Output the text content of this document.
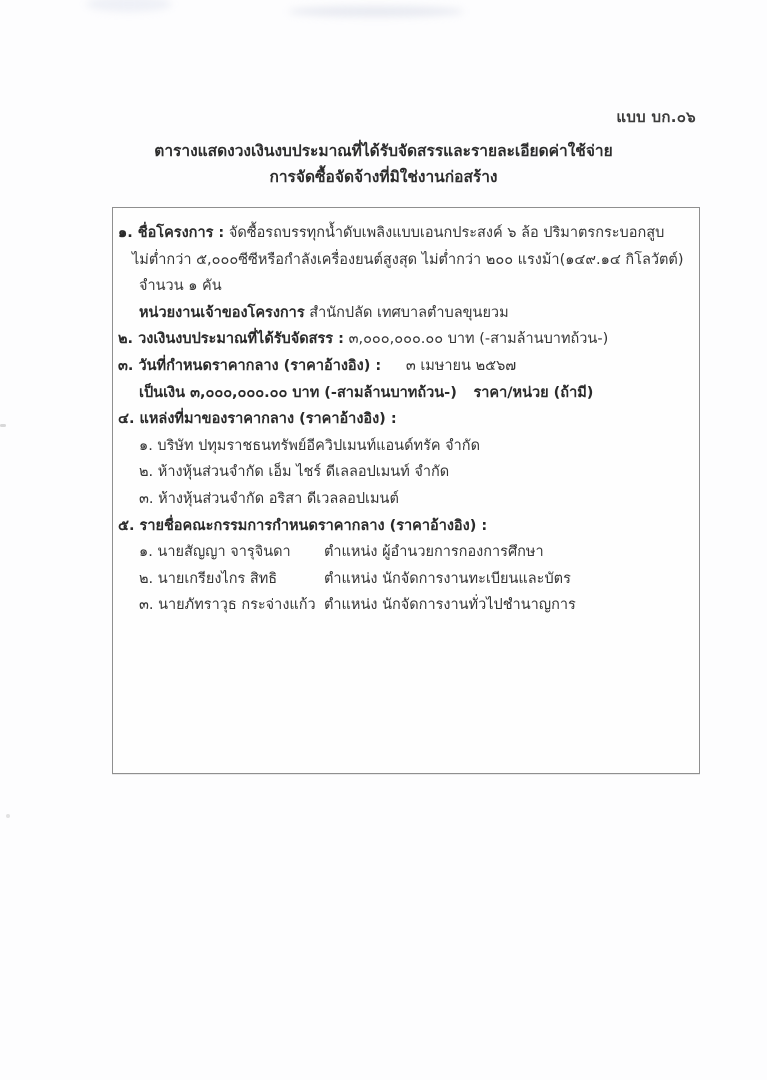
แบบ บก.๐๖
ตารางแสดงวงเงินงบประมาณที่ได้รับจัดสรรและรายละเอียดค่าใช้จ่าย
การจัดซื้อจัดจ้างที่มิใช่งานก่อสร้าง
๑. ชื่อโครงการ : จัดซื้อรถบรรทุกน้ำดับเพลิงแบบเอนกประสงค์ ๖ ล้อ ปริมาตรกระบอกสูบ
ไม่ต่ำกว่า ๕,๐๐๐ซีซีหรือกำลังเครื่องยนต์สูงสุด ไม่ต่ำกว่า ๒๐๐ แรงม้า(๑๔๙.๑๔ กิโลวัตต์)
จำนวน ๑ คัน
หน่วยงานเจ้าของโครงการ สำนักปลัด เทศบาลตำบลขุนยวม
๒. วงเงินงบประมาณที่ได้รับจัดสรร : ๓,๐๐๐,๐๐๐.๐๐ บาท (-สามล้านบาทถ้วน-)
๓. วันที่กำหนดราคากลาง (ราคาอ้างอิง) : ๓ เมษายน ๒๕๖๗
เป็นเงิน ๓,๐๐๐,๐๐๐.๐๐ บาท (-สามล้านบาทถ้วน-) ราคา/หน่วย (ถ้ามี)
๔. แหล่งที่มาของราคากลาง (ราคาอ้างอิง) :
๑. บริษัท ปทุมราชธนทรัพย์อีควิปเมนท์แอนด์ทรัค จำกัด
๒. ห้างหุ้นส่วนจำกัด เอ็ม ไชร์ ดีเลลอปเมนท์ จำกัด
๓. ห้างหุ้นส่วนจำกัด อริสา ดีเวลลอปเมนต์
๕. รายชื่อคณะกรรมการกำหนดราคากลาง (ราคาอ้างอิง) :
๑. นายสัญญา จารุจินดา	ตำแหน่ง ผู้อำนวยการกองการศึกษา
๒. นายเกรียงไกร สิทธิ	ตำแหน่ง นักจัดการงานทะเบียนและบัตร
๓. นายภัทราวุธ กระจ่างแก้ว ตำแหน่ง นักจัดการงานทั่วไปชำนาญการ
